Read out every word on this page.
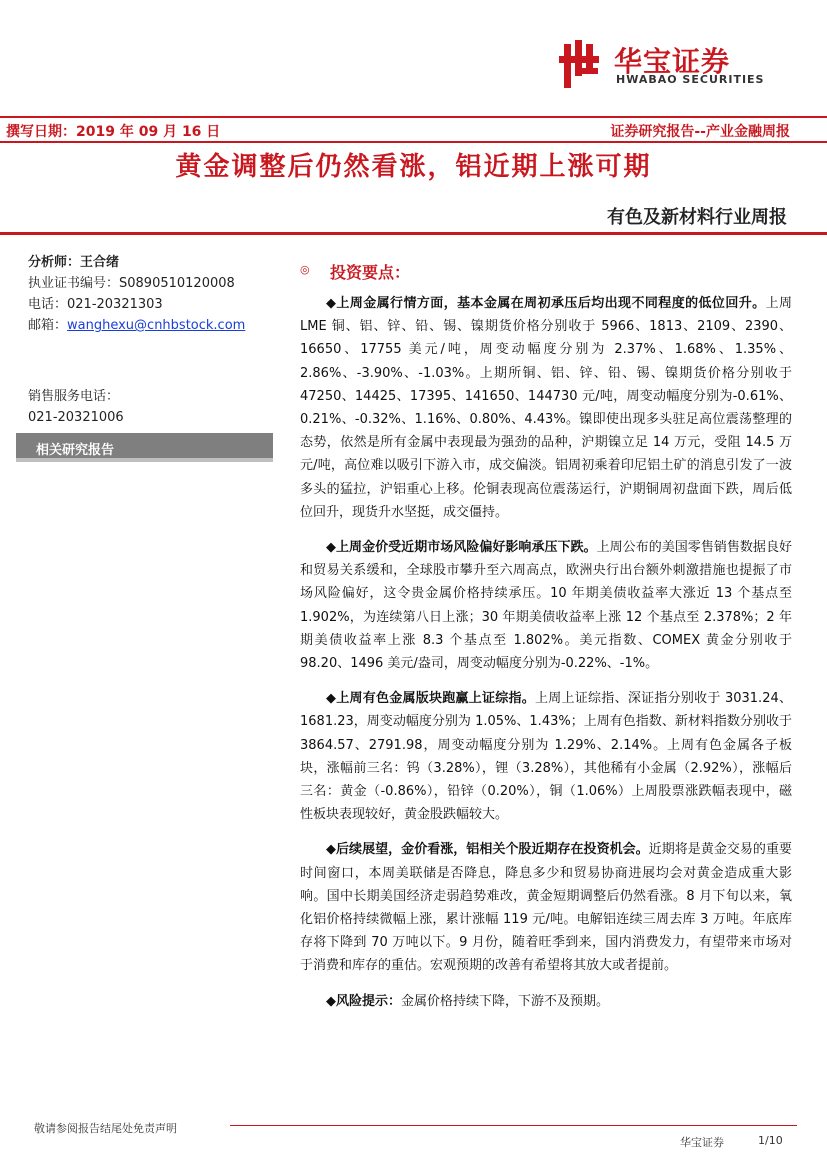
华宝证券
HWABAO SECURITIES
撰写日期：2019 年 09 月 16 日	证券研究报告--产业金融周报
黄金调整后仍然看涨，铝近期上涨可期
有色及新材料行业周报
分析师：王合绪
执业证书编号：S0890510120008
电话：021-20321303
邮箱：wanghexu@cnhbstock.com
销售服务电话：
021-20321006
相关研究报告
◎ 投资要点：

◆上周金属行情方面，基本金属在周初承压后均出现不同程度的低位回升。上周 LME 铜、铝、锌、铅、锡、镍期货价格分别收于 5966、1813、2109、2390、16650、17755 美元/吨，周变动幅度分别为 2.37%、1.68%、1.35%、2.86%、-3.90%、-1.03%。上期所铜、铝、锌、铅、锡、镍期货价格分别收于 47250、14425、17395、141650、144730 元/吨，周变动幅度分别为-0.61%、0.21%、-0.32%、1.16%、0.80%、4.43%。镍即使出现多头驻足高位震荡整理的态势，依然是所有金属中表现最为强劲的品种，沪期镍立足 14 万元，受阻 14.5 万元/吨，高位难以吸引下游入市，成交偏淡。铝周初乘着印尼铝土矿的消息引发了一波多头的猛拉，沪铝重心上移。伦铜表现高位震荡运行，沪期铜周初盘面下跌，周后低位回升，现货升水坚挺，成交僵持。

◆上周金价受近期市场风险偏好影响承压下跌。上周公布的美国零售销售数据良好和贸易关系缓和，全球股市攀升至六周高点，欧洲央行出台额外刺激措施也提振了市场风险偏好，这令贵金属价格持续承压。10 年期美债收益率大涨近 13 个基点至 1.902%，为连续第八日上涨；30 年期美债收益率上涨 12 个基点至 2.378%；2 年期美债收益率上涨 8.3 个基点至 1.802%。美元指数、COMEX 黄金分别收于 98.20、1496 美元/盎司，周变动幅度分别为-0.22%、-1%。

◆上周有色金属版块跑赢上证综指。上周上证综指、深证指分别收于 3031.24、1681.23，周变动幅度分别为 1.05%、1.43%；上周有色指数、新材料指数分别收于 3864.57、2791.98，周变动幅度分别为 1.29%、2.14%。上周有色金属各子板块，涨幅前三名：钨（3.28%），锂（3.28%），其他稀有小金属（2.92%），涨幅后三名：黄金（-0.86%），铅锌（0.20%），铜（1.06%）上周股票涨跌幅表现中，磁性板块表现较好，黄金股跌幅较大。

◆后续展望，金价看涨，铝相关个股近期存在投资机会。近期将是黄金交易的重要时间窗口，本周美联储是否降息，降息多少和贸易协商进展均会对黄金造成重大影响。国中长期美国经济走弱趋势难改，黄金短期调整后仍然看涨。8 月下旬以来，氧化铝价格持续微幅上涨，累计涨幅 119 元/吨。电解铝连续三周去库 3 万吨。年底库存将下降到 70 万吨以下。9 月份，随着旺季到来，国内消费发力，有望带来市场对于消费和库存的重估。宏观预期的改善有希望将其放大或者提前。

◆风险提示：金属价格持续下降，下游不及预期。

敬请参阅报告结尾处免责声明
华宝证券	1/10
